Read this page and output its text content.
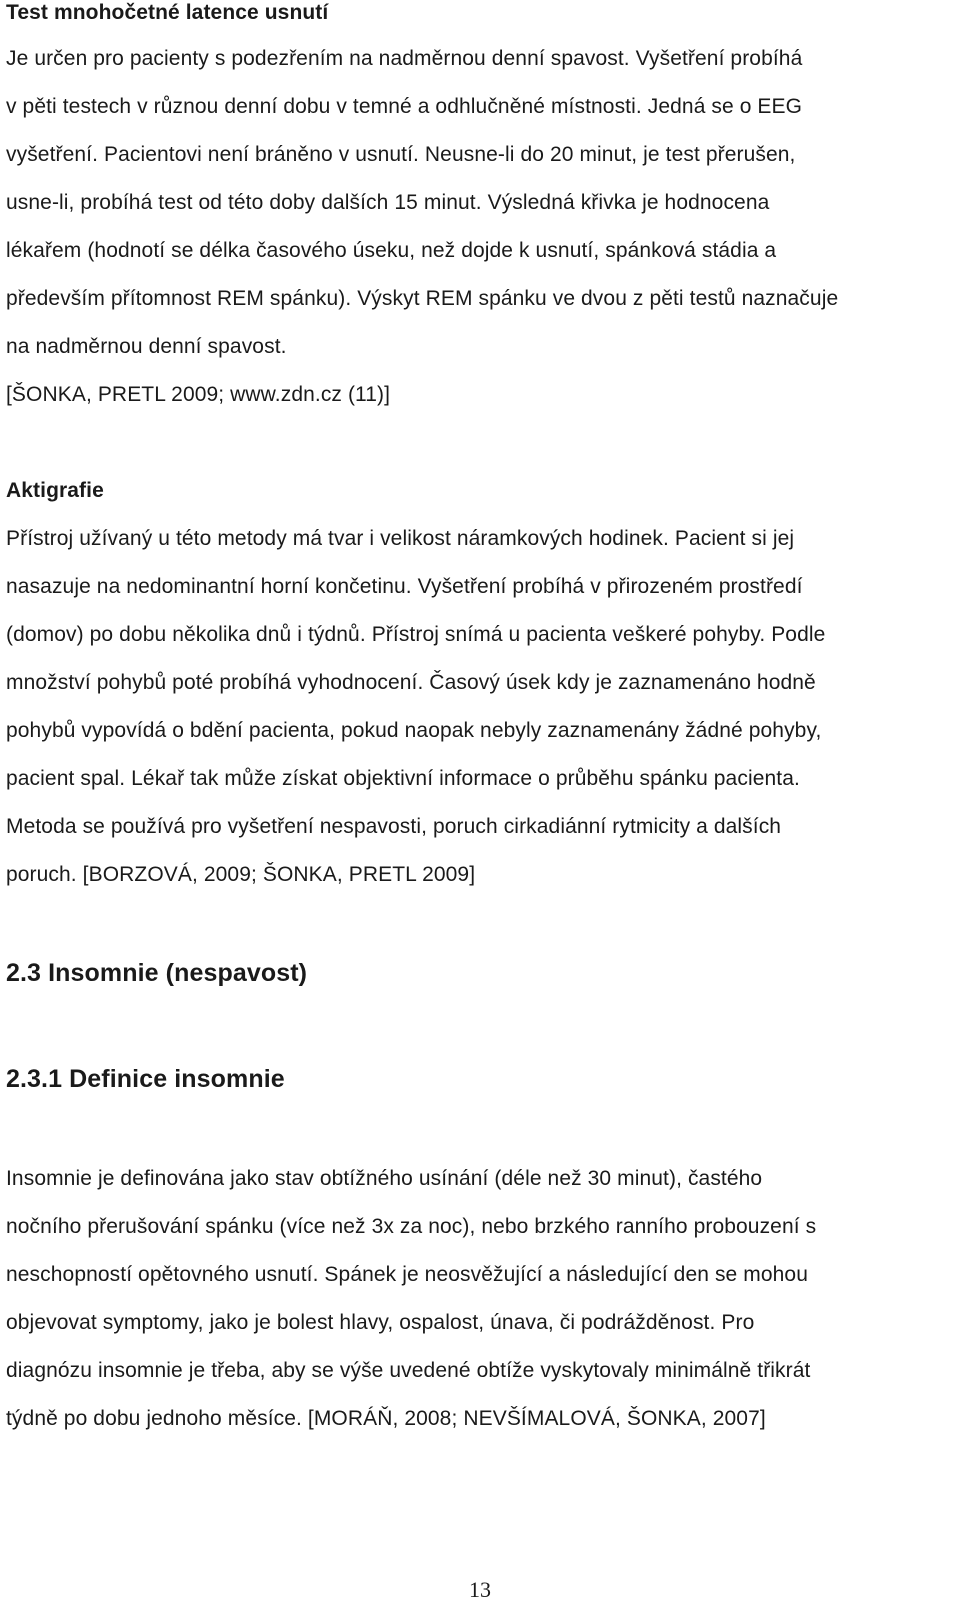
Test mnohočetné latence usnutí
Je určen pro pacienty s podezřením na nadměrnou denní spavost. Vyšetření probíhá
v pěti testech v různou denní dobu v temné a odhlučněné místnosti. Jedná se o EEG
vyšetření. Pacientovi není bráněno v usnutí. Neusne-li do 20 minut, je test přerušen,
usne-li, probíhá test od této doby dalších 15 minut. Výsledná křivka je hodnocena
lékařem (hodnotí se délka časového úseku, než dojde k usnutí, spánková stádia a
především přítomnost REM spánku). Výskyt REM spánku ve dvou z pěti testů naznačuje
na nadměrnou denní spavost.
[ŠONKA, PRETL 2009; www.zdn.cz (11)]
Aktigrafie
Přístroj užívaný u této metody má tvar i velikost náramkových hodinek. Pacient si jej
nasazuje na nedominantní horní končetinu. Vyšetření probíhá v přirozeném prostředí
(domov) po dobu několika dnů i týdnů. Přístroj snímá u pacienta veškeré pohyby. Podle
množství pohybů poté probíhá vyhodnocení. Časový úsek kdy je zaznamenáno hodně
pohybů vypovídá o bdění pacienta, pokud naopak nebyly zaznamenány žádné pohyby,
pacient spal. Lékař tak může získat objektivní informace o průběhu spánku pacienta.
Metoda se používá pro vyšetření nespavosti, poruch cirkadiánní rytmicity a dalších
poruch. [BORZOVÁ, 2009; ŠONKA, PRETL 2009]
2.3 Insomnie (nespavost)
2.3.1 Definice insomnie
Insomnie je definována jako stav obtížného usínání (déle než 30 minut), častého
nočního přerušování spánku (více než 3x za noc), nebo brzkého ranního probouzení s
neschopností opětovného usnutí. Spánek je neosvěžující a následující den se mohou
objevovat symptomy, jako je bolest hlavy, ospalost, únava, či podrážděnost. Pro
diagnózu insomnie je třeba, aby se výše uvedené obtíže vyskytovaly minimálně třikrát
týdně po dobu jednoho měsíce. [MORÁŇ, 2008; NEVŠÍMALOVÁ, ŠONKA, 2007]
13
